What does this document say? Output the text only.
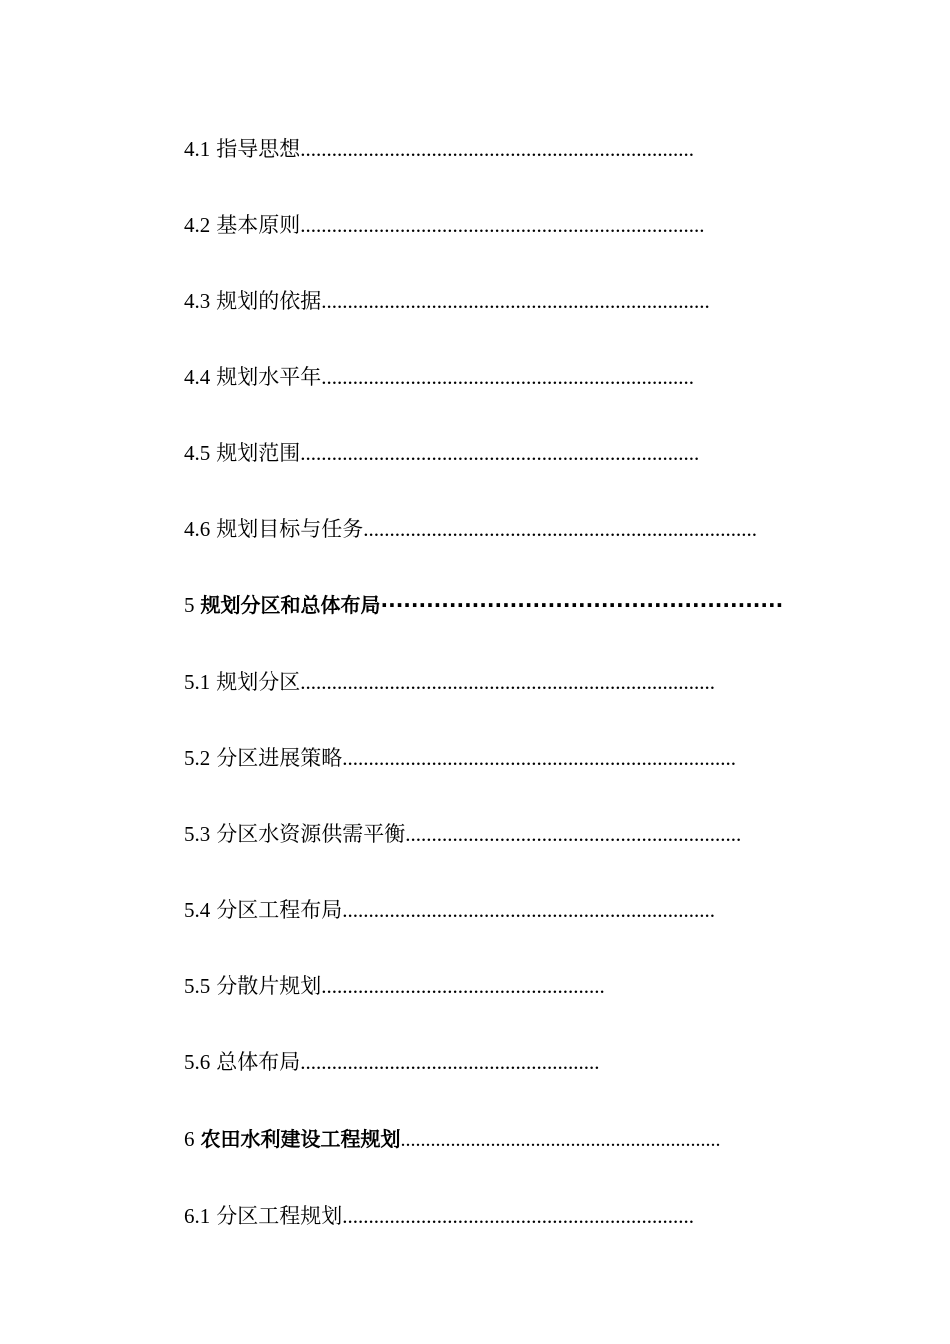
4.1 指导思想...........................................................................
4.2 基本原则.............................................................................
4.3 规划的依据..........................................................................
4.4 规划水平年.......................................................................
4.5 规划范围............................................................................
4.6 规划目标与任务...........................................................................
5 规划分区和总体布局·····················································
5.1 规划分区...............................................................................
5.2 分区进展策略...........................................................................
5.3 分区水资源供需平衡................................................................
5.4 分区工程布局.......................................................................
5.5 分散片规划......................................................
5.6 总体布局.........................................................
6 农田水利建设工程规划................................................................
6.1 分区工程规划...................................................................
